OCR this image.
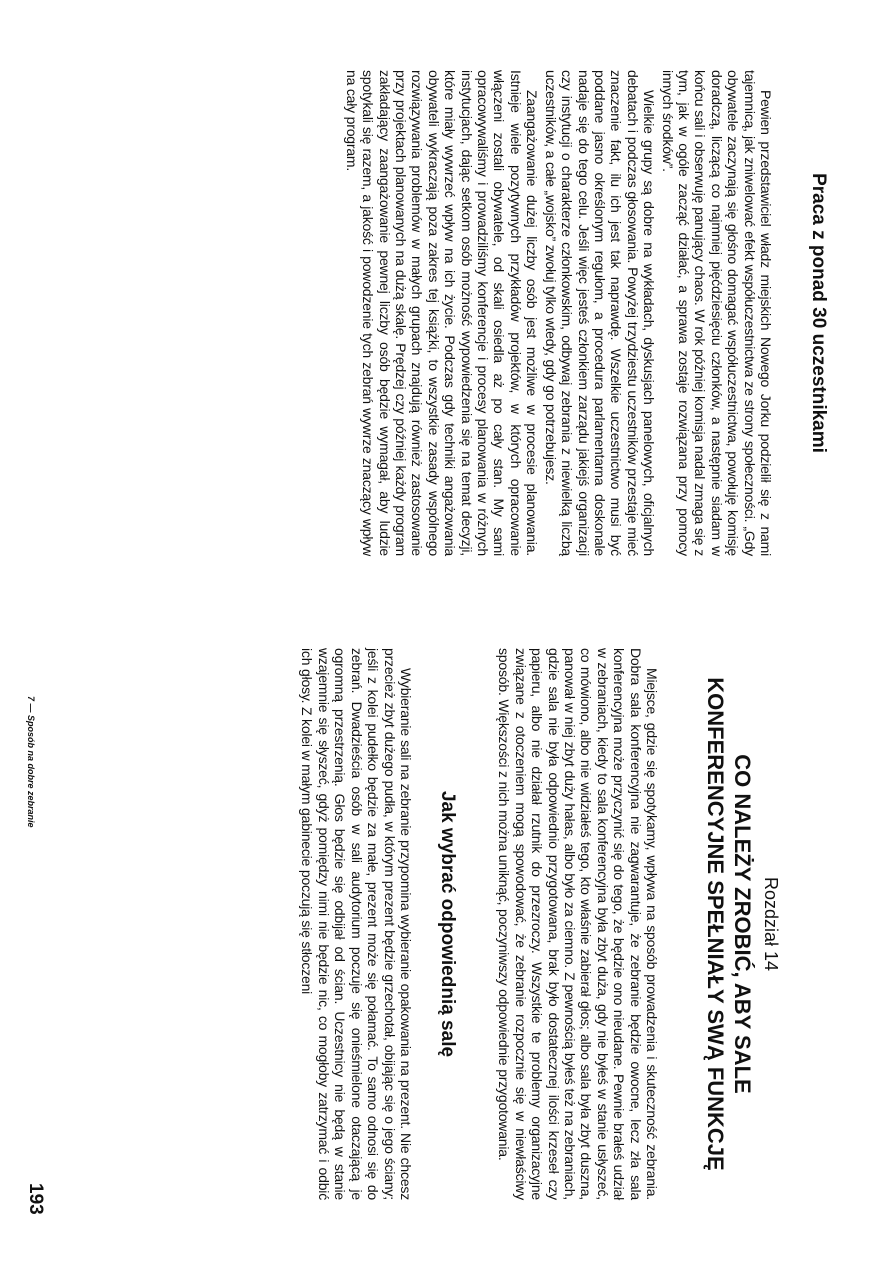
Praca z ponad 30 uczestnikami

Pewien przedstawiciel władz miejskich Nowego Jorku podzielił się z nami tajemnicą, jak zniwelować efekt współuczestnictwa ze strony społeczności. „Gdy obywatele zaczynają się głośno domagać współuczestnictwa, powołuję komisję doradczą, liczącą co najmniej pięćdziesięciu członków, a następnie siadam w końcu sali i obserwuję panujący chaos. W rok później komisja nadal zmaga się z tym, jak w ogóle zacząć działać, a sprawa zostaje rozwiązana przy pomocy innych środków”.

Wielkie grupy są dobre na wykładach, dyskusjach panelowych, oficjalnych debatach i podczas głosowania. Powyżej trzydziestu uczestników przestaje mieć znaczenie fakt, ilu ich jest tak naprawdę. Wszelkie uczestnictwo musi być poddane jasno określonym regułom, a procedura parlamentarna doskonale nadaje się do tego celu. Jeśli więc jesteś członkiem zarządu jakiejś organizacji czy instytucji o charakterze członkowskim, odbywaj zebrania z niewielką liczbą uczestników, a całe „wojsko” zwołuj tylko wtedy, gdy go potrzebujesz.

Zaangażowanie dużej liczby osób jest możliwe w procesie planowania. Istnieje wiele pozytywnych przykładów projektów, w których opracowanie włączeni zostali obywatele, od skali osiedla aż po cały stan. My sami opracowywaliśmy i prowadziliśmy konferencje i procesy planowania w różnych instytucjach, dając setkom osób możność wypowiedzenia się na temat decyzji, które miały wywrzeć wpływ na ich życie. Podczas gdy techniki angażowania obywateli wykraczają poza zakres tej książki, to wszystkie zasady wspólnego rozwiązywania problemów w małych grupach znajdują również zastosowanie przy projektach planowanych na dużą skalę. Prędzej czy później każdy program zakładający zaangażowanie pewnej liczby osób będzie wymagał, aby ludzie spotykali się razem, a jakość i powodzenie tych zebrań wywrze znaczący wpływ na cały program.

Rozdział 14
CO NALEŻY ZROBIĆ, ABY SALE KONFERENCYJNE SPEŁNIAŁY SWĄ FUNKCJĘ

Miejsce, gdzie się spotykamy, wpływa na sposób prowadzenia i skuteczność zebrania. Dobra sala konferencyjna nie zagwarantuje, że zebranie będzie owocne, lecz zła sala konferencyjna może przyczynić się do tego, że będzie ono nieudane. Pewnie brałeś udział w zebraniach, kiedy to sala konferencyjna była zbyt duża, gdy nie byłeś w stanie usłyszeć, co mówiono, albo nie widziałeś tego, kto właśnie zabierał głos; albo sala była zbyt duszna, panował w niej zbyt duży hałas, albo było za ciemno. Z pewnością byłeś też na zebraniach, gdzie sala nie była odpowiednio przygotowana, brak było dostatecznej ilości krzeseł czy papieru, albo nie działał rzutnik do przezroczy. Wszystkie te problemy organizacyjne związane z otoczeniem mogą spowodować, że zebranie rozpocznie się w niewłaściwy sposób. Większości z nich można uniknąć, poczyniwszy odpowiednie przygotowania.

Jak wybrać odpowiednią salę

Wybieranie sali na zebranie przypomina wybieranie opakowania na prezent. Nie chcesz przecież zbyt dużego pudła, w którym prezent będzie grzechotał, obijając się o jego ściany; jeśli z kolei pudełko będzie za małe, prezent może się połamać. To samo odnosi się do zebrań. Dwadzieścia osób w sali audytorium poczuje się onieśmielone otaczającą je ogromną przestrzenią. Głos będzie się odbijał od ścian. Uczestnicy nie będą w stanie wzajemnie się słyszeć, gdyż pomiędzy nimi nie będzie nic, co mogłoby zatrzymać i odbić ich głosy. Z kolei w małym gabinecie poczują się stłoczeni

7 — Sposób na dobre zebranie
193
